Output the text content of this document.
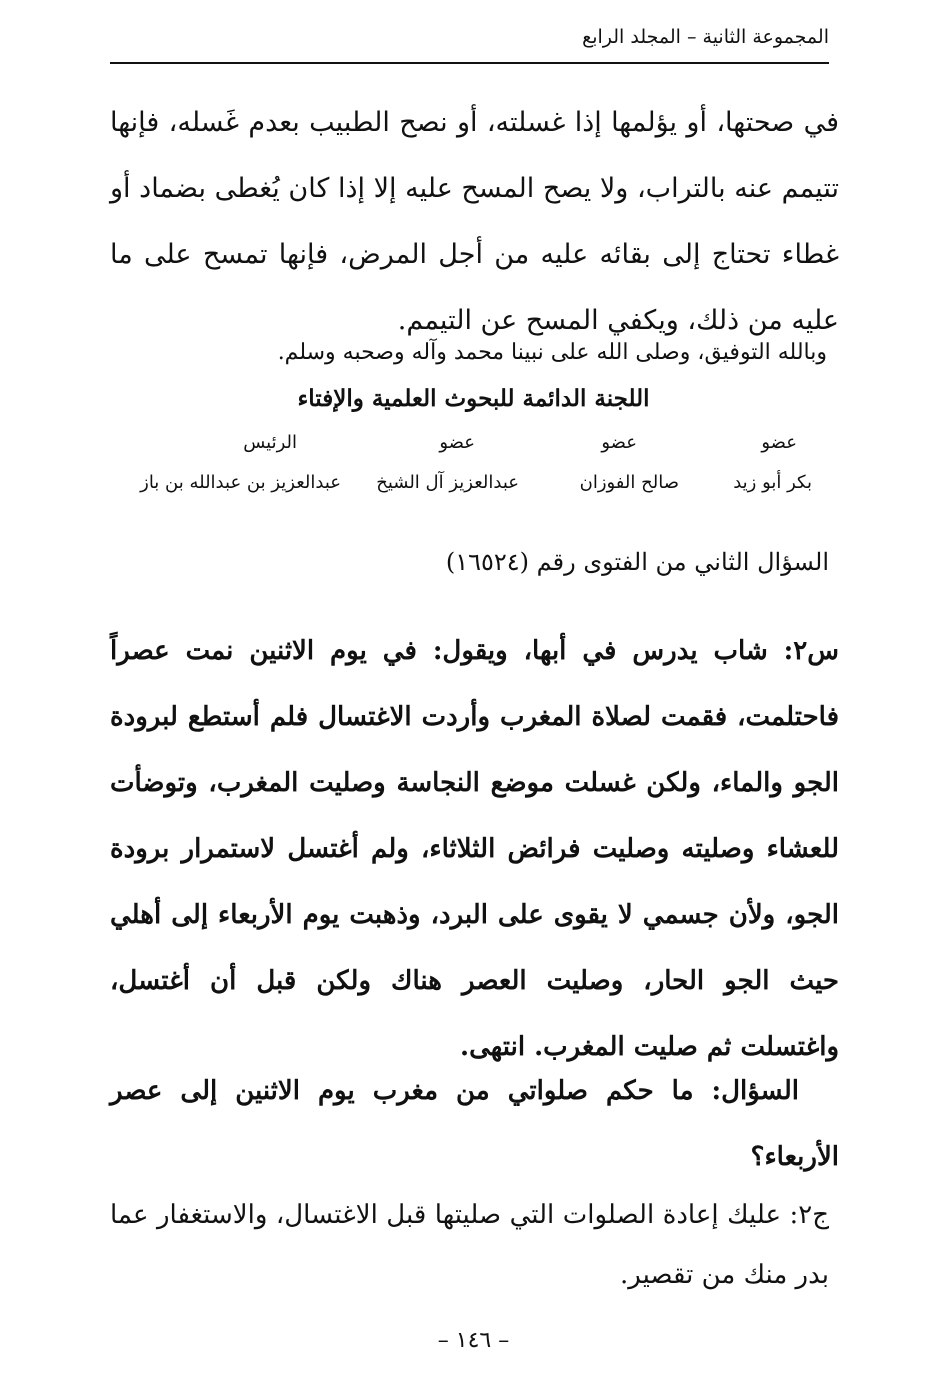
المجموعة الثانية – المجلد الرابع
في صحتها، أو يؤلمها إذا غسلته، أو نصح الطبيب بعدم غَسله، فإنها تتيمم عنه بالتراب، ولا يصح المسح عليه إلا إذا كان يُغطى بضماد أو غطاء تحتاج إلى بقائه عليه من أجل المرض، فإنها تمسح على ما عليه من ذلك، ويكفي المسح عن التيمم.
وبالله التوفيق، وصلى الله على نبينا محمد وآله وصحبه وسلم.
اللجنة الدائمة للبحوث العلمية والإفتاء
عضو
عضو
عضو
الرئيس
بكر أبو زيد
صالح الفوزان
عبدالعزيز آل الشيخ
عبدالعزيز بن عبدالله بن باز
السؤال الثاني من الفتوى رقم (١٦٥٢٤)
س٢: شاب يدرس في أبها، ويقول: في يوم الاثنين نمت عصراً فاحتلمت، فقمت لصلاة المغرب وأردت الاغتسال فلم أستطع لبرودة الجو والماء، ولكن غسلت موضع النجاسة وصليت المغرب، وتوضأت للعشاء وصليته وصليت فرائض الثلاثاء، ولم أغتسل لاستمرار برودة الجو، ولأن جسمي لا يقوى على البرد، وذهبت يوم الأربعاء إلى أهلي حيث الجو الحار، وصليت العصر هناك ولكن قبل أن أغتسل، واغتسلت ثم صليت المغرب. انتهى.
السؤال: ما حكم صلواتي من مغرب يوم الاثنين إلى عصر الأربعاء؟
ج٢: عليك إعادة الصلوات التي صليتها قبل الاغتسال، والاستغفار عما بدر منك من تقصير.
– ١٤٦ –
